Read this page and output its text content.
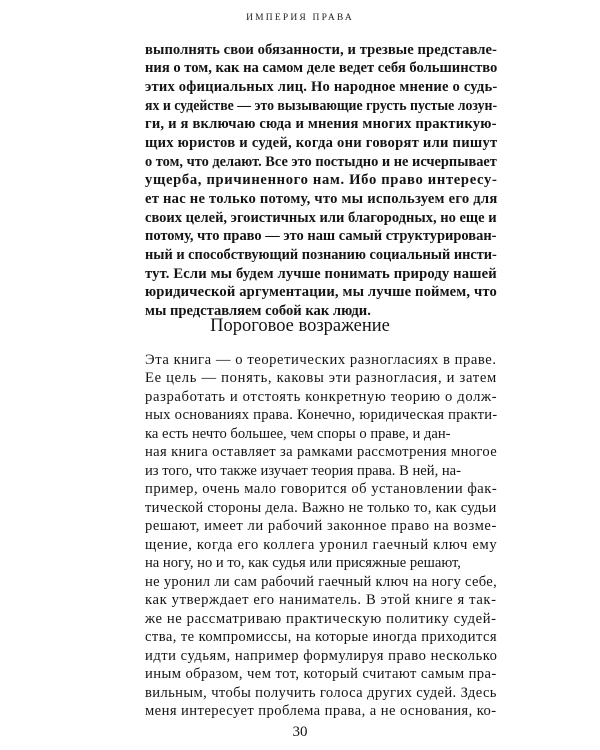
ИМПЕРИЯ ПРАВА
выполнять свои обязанности, и трезвые представле-
ния о том, как на самом деле ведет себя большинство
этих официальных лиц. Но народное мнение о судь-
ях и судействе — это вызывающие грусть пустые лозун-
ги, и я включаю сюда и мнения многих практикую-
щих юристов и судей, когда они говорят или пишут
о том, что делают. Все это постыдно и не исчерпывает
ущерба, причиненного нам. Ибо право интересу-
ет нас не только потому, что мы используем его для
своих целей, эгоистичных или благородных, но еще и
потому, что право — это наш самый структурирован-
ный и способствующий познанию социальный инсти-
тут. Если мы будем лучше понимать природу нашей
юридической аргументации, мы лучше поймем, что
мы представляем собой как люди.
Пороговое возражение
Эта книга — о теоретических разногласиях в праве.
Ее цель — понять, каковы эти разногласия, и затем
разработать и отстоять конкретную теорию о долж-
ных основаниях права. Конечно, юридическая практи-
ка есть нечто большее, чем споры о праве, и дан-
ная книга оставляет за рамками рассмотрения многое
из того, что также изучает теория права. В ней, на-
пример, очень мало говорится об установлении фак-
тической стороны дела. Важно не только то, как судьи
решают, имеет ли рабочий законное право на возме-
щение, когда его коллега уронил гаечный ключ ему
на ногу, но и то, как судья или присяжные решают,
не уронил ли сам рабочий гаечный ключ на ногу себе,
как утверждает его наниматель. В этой книге я так-
же не рассматриваю практическую политику судей-
ства, те компромиссы, на которые иногда приходится
идти судьям, например формулируя право несколько
иным образом, чем тот, который считают самым пра-
вильным, чтобы получить голоса других судей. Здесь
меня интересует проблема права, а не основания, ко-
30
